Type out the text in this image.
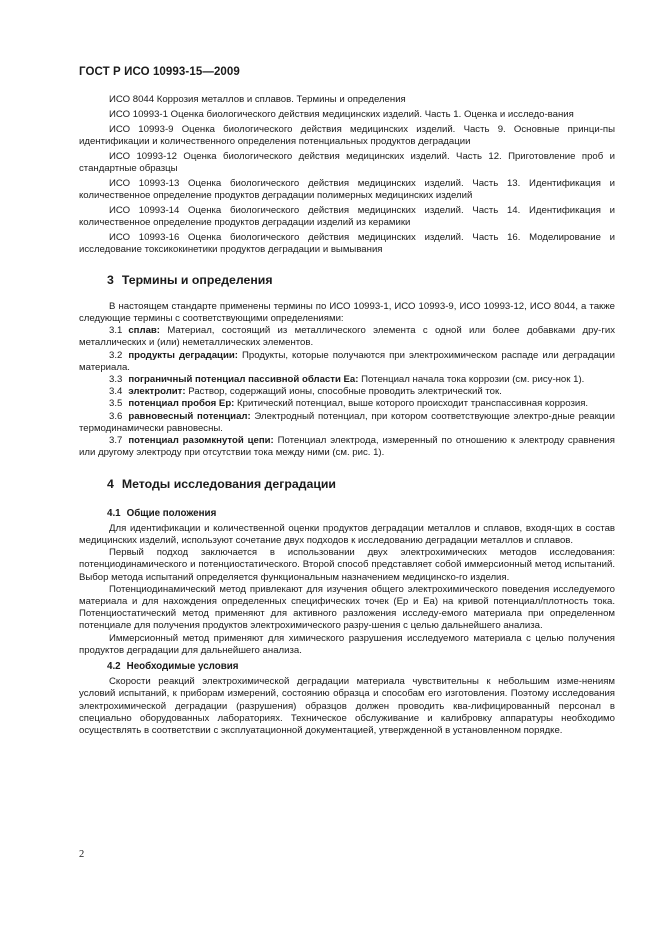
ГОСТ Р ИСО 10993-15—2009

ИСО 8044 Коррозия металлов и сплавов. Термины и определения

ИСО 10993-1 Оценка биологического действия медицинских изделий. Часть 1. Оценка и исследо-вания

ИСО 10993-9 Оценка биологического действия медицинских изделий. Часть 9. Основные принци-пы идентификации и количественного определения потенциальных продуктов деградации

ИСО 10993-12 Оценка биологического действия медицинских изделий. Часть 12. Приготовление проб и стандартные образцы

ИСО 10993-13 Оценка биологического действия медицинских изделий. Часть 13. Идентификация и количественное определение продуктов деградации полимерных медицинских изделий

ИСО 10993-14 Оценка биологического действия медицинских изделий. Часть 14. Идентификация и количественное определение продуктов деградации изделий из керамики

ИСО 10993-16 Оценка биологического действия медицинских изделий. Часть 16. Моделирование и исследование токсикокинетики продуктов деградации и вымывания

3 Термины и определения

В настоящем стандарте применены термины по ИСО 10993-1, ИСО 10993-9, ИСО 10993-12, ИСО 8044, а также следующие термины с соответствующими определениями:

3.1 сплав: Материал, состоящий из металлического элемента с одной или более добавками дру-гих металлических и (или) неметаллических элементов.

3.2 продукты деградации: Продукты, которые получаются при электрохимическом распаде или деградации материала.

3.3 пограничный потенциал пассивной области Eа: Потенциал начала тока коррозии (см. рису-нок 1).

3.4 электролит: Раствор, содержащий ионы, способные проводить электрический ток.

3.5 потенциал пробоя Ep: Критический потенциал, выше которого происходит транспассивная коррозия.

3.6 равновесный потенциал: Электродный потенциал, при котором соответствующие электро-дные реакции термодинамически равновесны.

3.7 потенциал разомкнутой цепи: Потенциал электрода, измеренный по отношению к электроду сравнения или другому электроду при отсутствии тока между ними (см. рис. 1).

4 Методы исследования деградации
4.1 Общие положения

Для идентификации и количественной оценки продуктов деградации металлов и сплавов, входя-щих в состав медицинских изделий, используют сочетание двух подходов к исследованию деградации металлов и сплавов.

Первый подход заключается в использовании двух электрохимических методов исследования: потенциодинамического и потенциостатического. Второй способ представляет собой иммерсионный метод испытаний. Выбор метода испытаний определяется функциональным назначением медицинско-го изделия.

Потенциодинамический метод привлекают для изучения общего электрохимического поведения исследуемого материала и для нахождения определенных специфических точек (Ep и Eа) на кривой потенциал/плотность тока. Потенциостатический метод применяют для активного разложения исследу-емого материала при определенном потенциале для получения продуктов электрохимического разру-шения с целью дальнейшего анализа.

Иммерсионный метод применяют для химического разрушения исследуемого материала с целью получения продуктов деградации для дальнейшего анализа.

4.2 Необходимые условия

Скорости реакций электрохимической деградации материала чувствительны к небольшим изме-нениям условий испытаний, к приборам измерений, состоянию образца и способам его изготовления. Поэтому исследования электрохимической деградации (разрушения) образцов должен проводить ква-лифицированный персонал в специально оборудованных лабораториях. Техническое обслуживание и калибровку аппаратуры необходимо осуществлять в соответствии с эксплуатационной документацией, утвержденной в установленном порядке.

2
